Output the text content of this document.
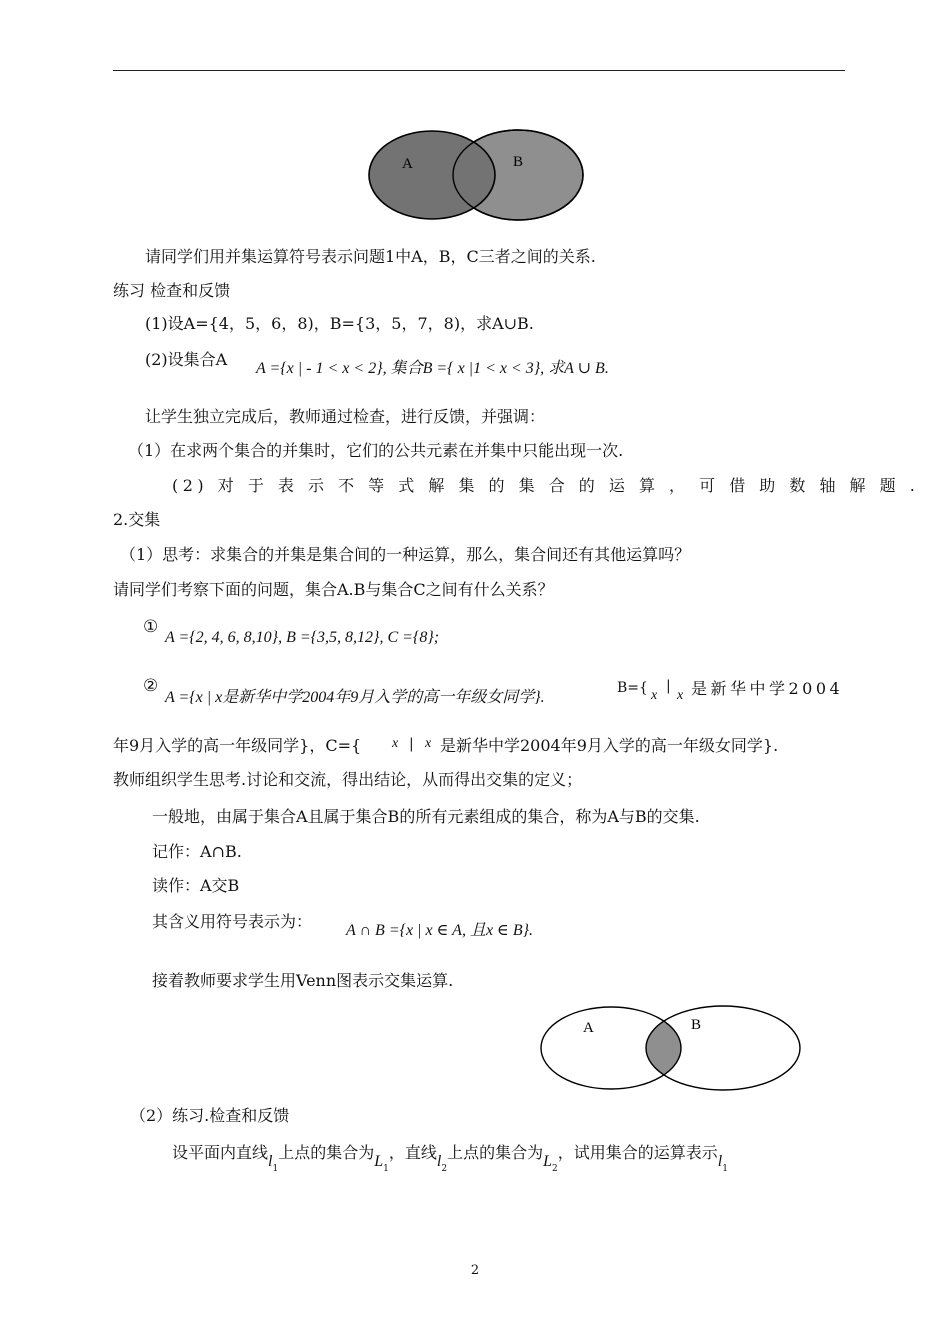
A	B
请同学们用并集运算符号表示问题1中A，B，C三者之间的关系.
练习 检查和反馈
(1)设A={4，5，6，8)，B={3，5，7，8)，求A∪B.
(2)设集合A A ={x | - 1 < x < 2}, 集合B ={ x |1 < x < 3}, 求A ∪ B.
让学生独立完成后，教师通过检查，进行反馈，并强调：
（1）在求两个集合的并集时，它们的公共元素在并集中只能出现一次.
(2) 对 于 表 示 不 等 式 解 集 的 集 合 的 运 算 ， 可 借 助 数 轴 解 题 .
2.交集
（1）思考：求集合的并集是集合间的一种运算，那么，集合间还有其他运算吗？
请同学们考察下面的问题，集合A.B与集合C之间有什么关系？
①
A ={2, 4, 6, 8,10}, B ={3,5, 8,12}, C ={8};
②
A ={x | x是新华中学2004年9月入学的高一年级女同学}.
B={ x
|
x 是新华中学2004
年9月入学的高一年级同学}，C={ x | x 是新华中学2004年9月入学的高一年级女同学}.
教师组织学生思考.讨论和交流，得出结论，从而得出交集的定义；
一般地，由属于集合A且属于集合B的所有元素组成的集合，称为A与B的交集.
记作：A∩B.
读作：A交B
其含义用符号表示为： A ∩ B ={x | x ∈ A, 且x ∈ B}.
接着教师要求学生用Venn图表示交集运算.
A	B
（2）练习.检查和反馈
设平面内直线$l_1$上点的集合为$L_1$，直线$l_2$上点的集合为$L_2$，试用集合的运算表示$l_1$
2
